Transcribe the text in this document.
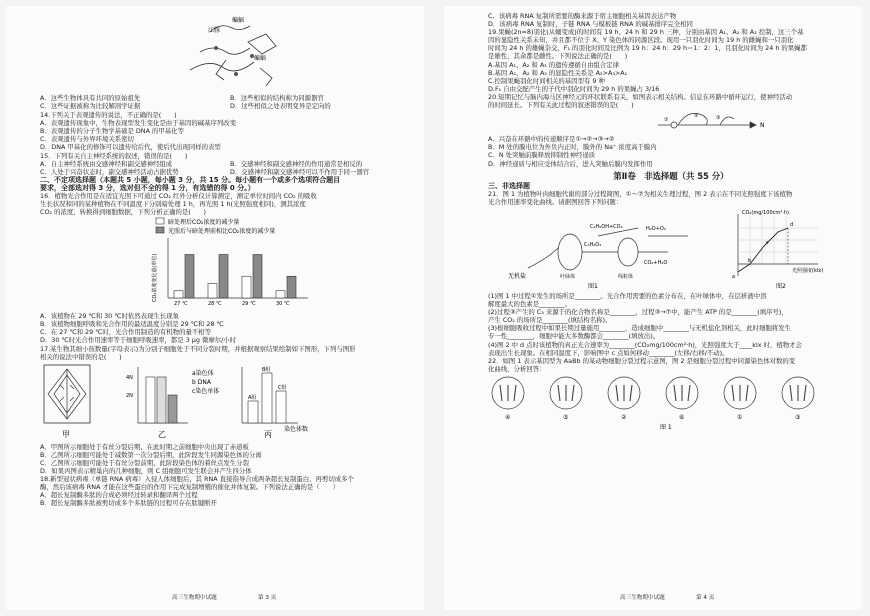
蝙蝠
江豚
蝙蝠
A．这些生物体具有共同的原始祖先	B．这些相似的结构称为同源器官
C．这些证据被称为比较解剖学证据	D．这些相似之处表明变异是定向的
14.下列关于表观遗传的说法，不正确的是(　　)
A．表观遗传现象中，生物表现型发生变化是由于基因的碱基序列改变
B．表观遗传的分子生物学基础是 DNA 的甲基化等
C．表观遗传与外界环境关系密切
D．DNA 甲基化的修饰可以遗传给后代，使后代出现同样的表型
15．下列有关自主神经系统的叙述，错误的是(　　)
A．自主神经系统由交感神经和副交感神经组成	B．交感神经和副交感神经的作用通常是相反的
C．人处于兴奋状态时，副交感神经活动占据优势	D．交感神经和副交感神经可以不作用于同一器官
二、不定项选择题（本题共 5 小题，每小题 3 分，共 15 分。每小题有一个或多个选项符合题目
要求，全部选对得 3 分，选对但不全的得 1 分，有选错的得 0 分。）
16．植物光合作用是在适宜光照下可通过 CO₂ 红外分析仪计算测定，测定单位时间内 CO₂ 的吸收
生长状况和同的某种植物在不同温度下分别暗处理 1 h，再光照 1 h(光照强度相同)，测其浓度
CO₂ 的浓度，转换得到细胞数据，下列分析正确的是(　　)
暗处理后CO₂浓度的减少量
光照后与暗处理前相比CO₂浓度的减少量
CO₂浓度变化量(单位)
27 ℃	28 ℃	29 ℃	30 ℃
A．该植物在 29 ℃和 30 ℃时依然表现生长现象
B．该植物细胞呼吸和光合作用的最适温度分别是 29 ℃和 28 ℃
C．在 27 ℃和 29 ℃时，光合作用制造的有机物的量不相等
D．30 ℃时光合作用速率等于细胞呼吸速率，都是 3 μg 微摩尔/小时
17.某生物其细小孩数量(字母表示)为分别子细胞处于不同分裂时期，并根据观察结果绘制如下图形，下列与图形
相关的说法中错误的是(　　)
甲
4N
2N
a染色体
b DNA
c染色单体
乙
A组
B组
C组
染色体数
丙
A．甲图所示细胞处于有丝分裂后期，在此时期之前细胞中央出现了赤道板
B．乙图所示细胞可能处于减数第一次分裂后期，此阶段发生同源染色体的分离
C．乙图所示细胞可能处于有丝分裂前期，此阶段染色体的着丝点发生分裂
D．如果丙图表示精巢内的几种细胞，则 C 组细胞可发生联会并产生四分体
18.新型冠状病毒（单链 RNA 病毒）入侵人体细胞后，其 RNA 直接指导合成两条超长复制蛋白，再剪切成多个
酶，然后该病毒 RNA 才能在这些蛋白的作用下完成复制增殖的催化并体复制。下列说法正确的是（　　）
A．超长复制酶多肽的合成必须经过转录和翻译两个过程
B．超长复制酶多肽被剪切成多个多肽链的过程可存在肽键断开
高三生物期中试题	第 3 页
C．该病毒 RNA 复制所需要的酶来源于宿主细胞相关基因表达产物
D．该病毒 RNA 复制时，子链 RNA 与模板链 RNA 的碱基排序完全相同
19.果蝇(2n=8)羽化(从蛹变成)的时间有 19 h、24 h 和 29 h 三种，分别由基因 A₁、A₂ 和 A₃ 控制，这三个基
因的显隐性关系未知，并且都不位于 X、Y 染色体的同源区段。现用一只羽化时间为 19 h 的雌蝇和一只羽化
时间为 24 h 的雄蝇杂交，F₁ 的羽化时间及比例为 19 h：24 h：29 h＝1：2：1，且羽化时间为 24 h 的果蝇都
是雄性，其余都是雌性。下列说法正确的是(　　)
A.基因 A₁、A₂ 和 A₃ 的遗传遵循自由组合定律
B.基因 A₁、A₂ 和 A₃ 的显隐性关系是 A₂>A₃>A₁
C.控制果蝇羽化时间相关的基因型有 9 种
D.F₁ 自由交配产生的子代中羽化时间为 29 h 的果蝇占 3/16
20.短期记忆与脑内海马区神经元的环状联系有关，如图表示相关结构。信息在环路中循环运行，使神经活动
的时间延长。下列有关此过程的叙述错误的是(　　)
①
②	③
N
A．兴奋在环路中的传递顺序是①→②→③→②
B．M 处的膜电位为外负内正时，膜外的 Na⁺ 浓度高于膜内
C．N 处突触前膜释放抑制性神经递质
D．神经递质与相应受体结合后，进入突触后膜内发挥作用
第Ⅱ卷　非选择题（共 55 分）
三、非选择题
21．图 1 为植物叶肉细胞代谢的部分过程简图，①～⑦为相关生理过程，图 2 表示在不同光照强度下该植物
光合作用速率变化曲线。请据图回答下列问题：
无机盐
C₃H₄O₃
C₂H₅OH+CO₂	H₂O+O₂
CO₂+H₂O
叶绿体	线粒体
图1
CO₂(mg/100cm²·h)
光照强度(klx)
d
c
b
a
图2
(1)图 1 中过程①发生的场所是________。光合作用需要的色素分布在，在叶绿体中，在层析液中溶
解度最大的色素是________。
(2)过程③产生的 C₃ 来源于的化合物名称是________，过程③→⑦中，能产生 ATP 的是________(填序号)，
产生 CO₂ 的场所是________(填结构名称)。
(3)根细胞吸收过程中如果长期过量施用________，造成细胞中________与无机盐化剂相关，此时细胞将发生
专一性________，细胞中能大多数酶都会________(填放出)。
(4)图 2 中 d 点时该植物的真正光合速率为________(CO₂mg/100cm²·h)，光照强度大于____klx 时，植物才会
表现出生长现象。在相同温度下，影响图中 c 点如何移动________(左移/右移/不动)。
22．如图 1 表示基因型为 AaBb 的某动物细胞分裂过程示意图，图 2 是细胞分裂过程中同源染色体对数的变
化曲线，分析回答：
④	⑤	②	⑥	①	③
图 1
高三生物期中试题	第 4 页
